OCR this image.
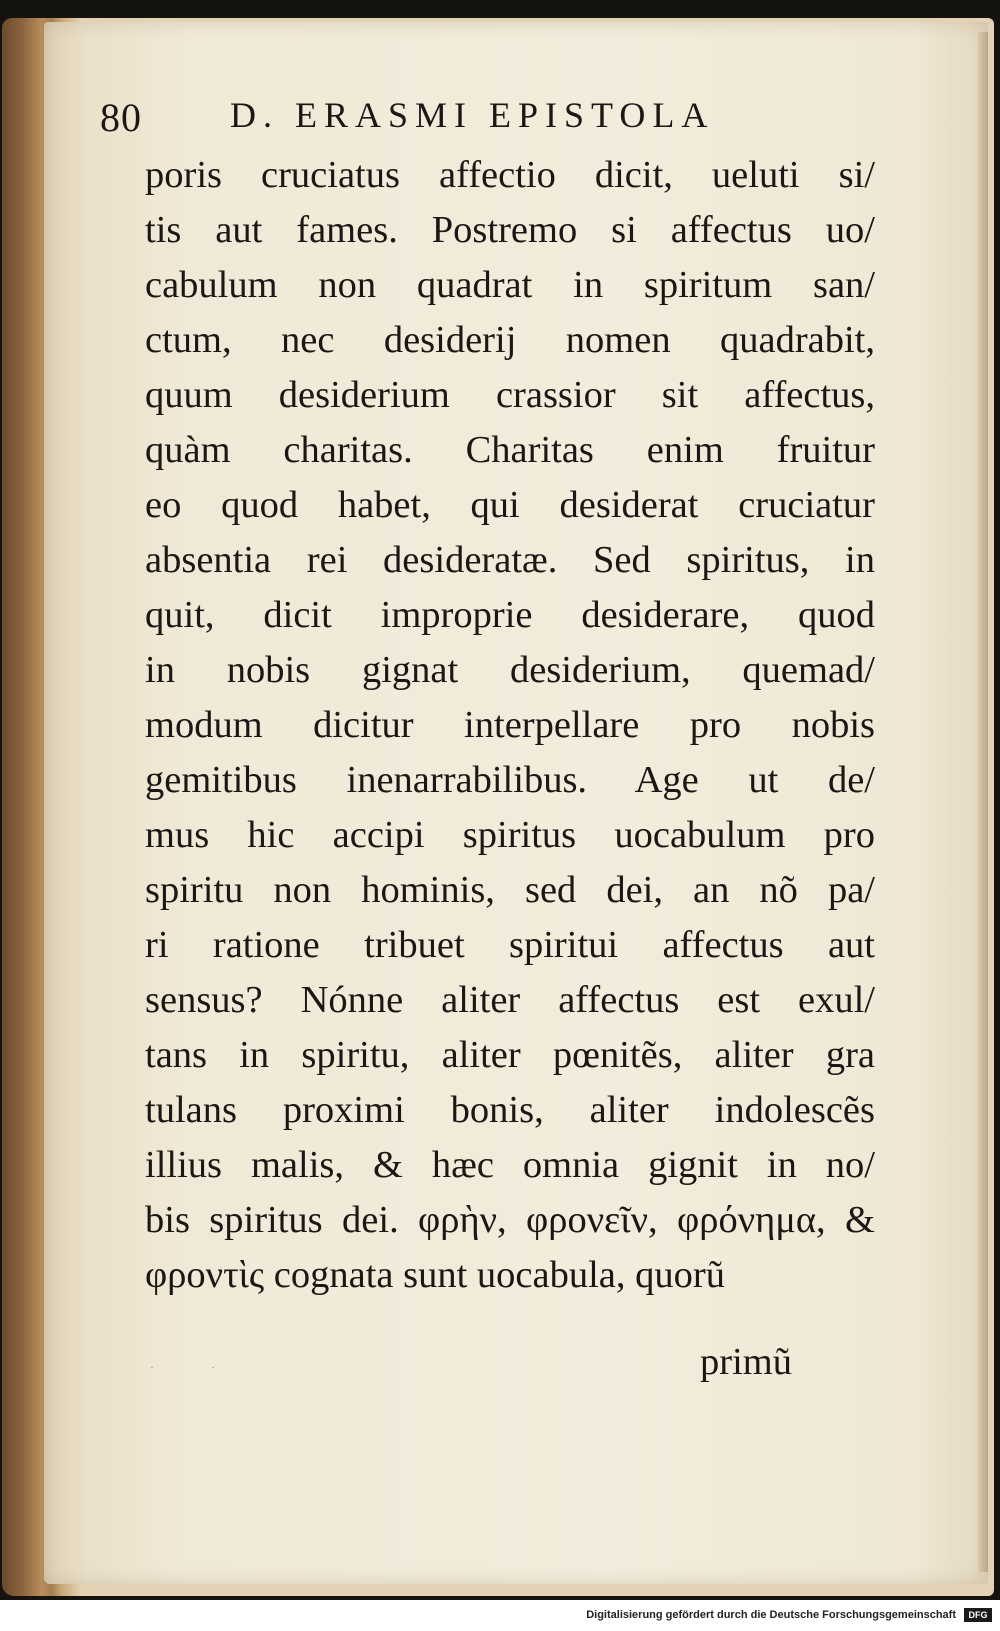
80 D. ERASMI EPISTOLA
poris cruciatus affectio dicit, ueluti si/
tis aut fames. Postremo si affectus uo/
cabulum non quadrat in spiritum san/
ctum, nec desiderij nomen quadrabit,
quum desiderium crassior sit affectus,
quàm charitas. Charitas enim fruitur
eo quod habet, qui desiderat cruciatur
absentia rei desideratæ. Sed spiritus, in
quit, dicit improprie desiderare, quod
in nobis gignat desiderium, quemad/
modum dicitur interpellare pro nobis
gemitibus inenarrabilibus. Age ut de/
mus hic accipi spiritus uocabulum pro
spiritu non hominis, sed dei, an nõ pa/
ri ratione tribuet spiritui affectus aut
sensus? Nónne aliter affectus est exul/
tans in spiritu, aliter pœnitẽs, aliter gra
tulans proximi bonis, aliter indolescẽs
illius malis, & hæc omnia gignit in no/
bis spiritus dei. φρὴν, φρονεῖν, φρόνημα, &
φροντὶς cognata sunt uocabula, quorũ
primũ
·                   ·
Digitalisierung gefördert durch die Deutsche Forschungsgemeinschaft	DFG
